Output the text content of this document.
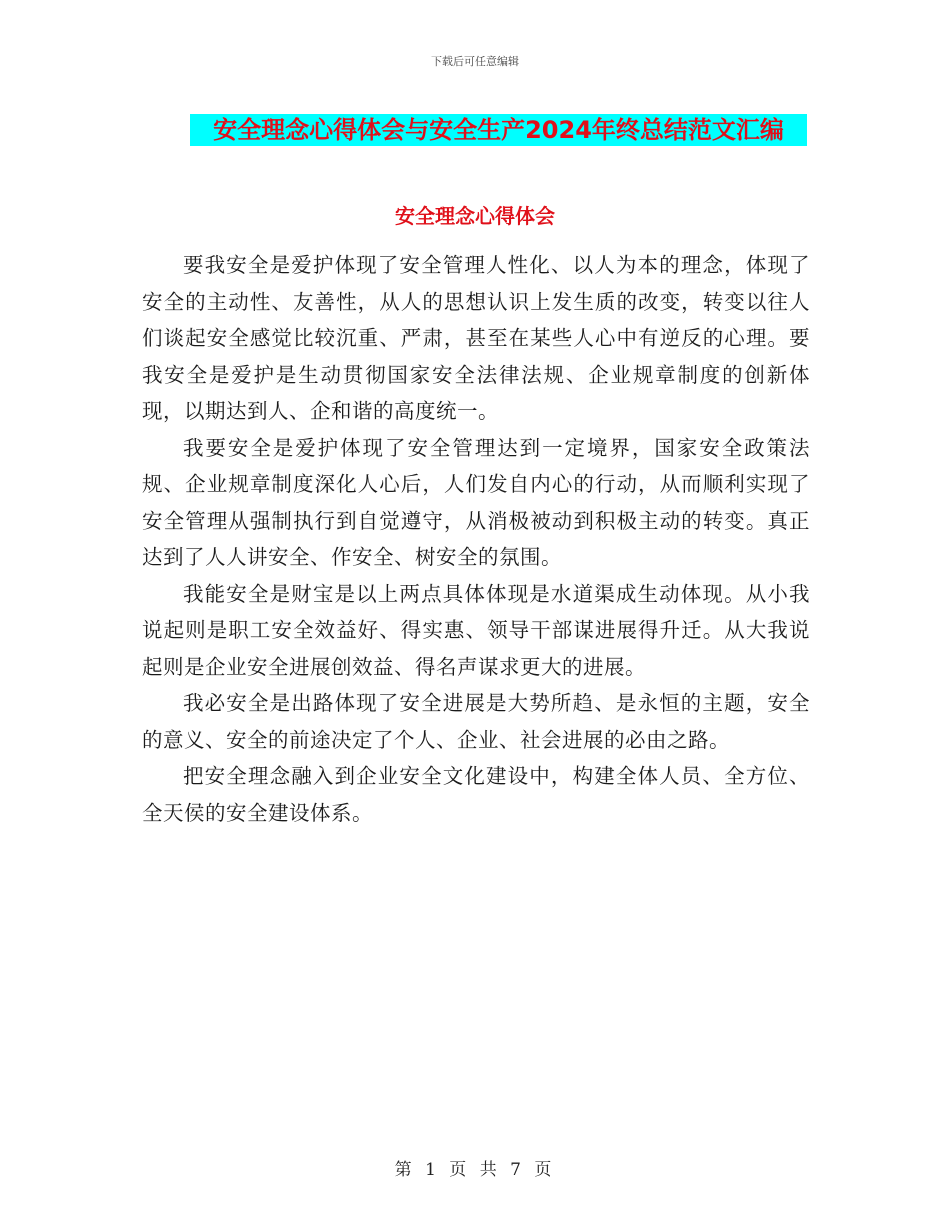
下载后可任意编辑
安全理念心得体会与安全生产2024年终总结范文汇编
安全理念心得体会

要我安全是爱护体现了安全管理人性化、以人为本的理念，体现了安全的主动性、友善性，从人的思想认识上发生质的改变，转变以往人们谈起安全感觉比较沉重、严肃，甚至在某些人心中有逆反的心理。要我安全是爱护是生动贯彻国家安全法律法规、企业规章制度的创新体现，以期达到人、企和谐的高度统一。

我要安全是爱护体现了安全管理达到一定境界，国家安全政策法规、企业规章制度深化人心后，人们发自内心的行动，从而顺利实现了安全管理从强制执行到自觉遵守，从消极被动到积极主动的转变。真正达到了人人讲安全、作安全、树安全的氛围。

我能安全是财宝是以上两点具体体现是水道渠成生动体现。从小我说起则是职工安全效益好、得实惠、领导干部谋进展得升迁。从大我说起则是企业安全进展创效益、得名声谋求更大的进展。

我必安全是出路体现了安全进展是大势所趋、是永恒的主题，安全的意义、安全的前途决定了个人、企业、社会进展的必由之路。

把安全理念融入到企业安全文化建设中，构建全体人员、全方位、全天侯的安全建设体系。

第 1 页 共 7 页
